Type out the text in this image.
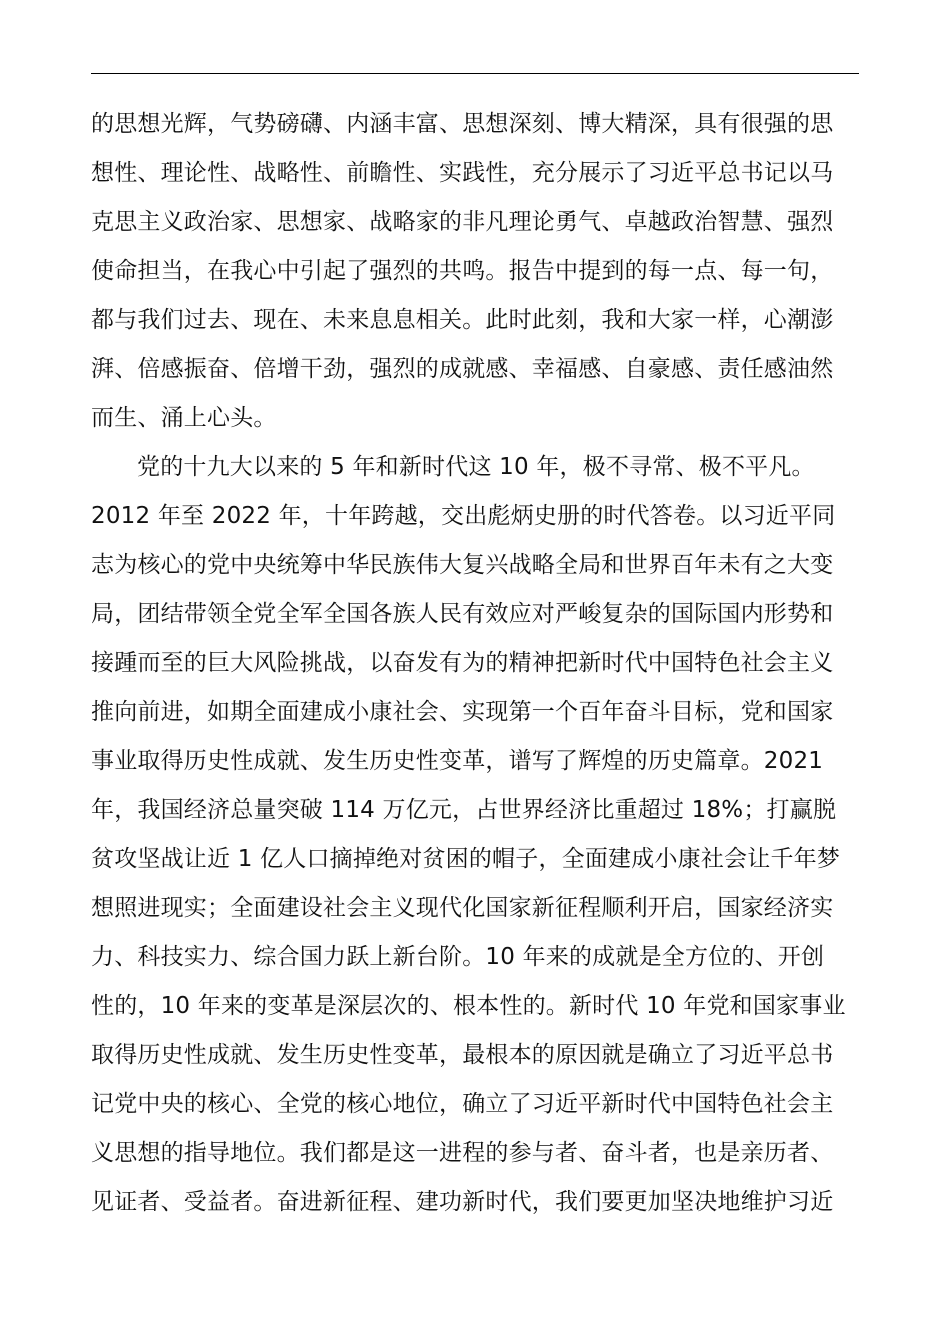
的思想光辉，气势磅礴、内涵丰富、思想深刻、博大精深，具有很强的思
想性、理论性、战略性、前瞻性、实践性，充分展示了习近平总书记以马
克思主义政治家、思想家、战略家的非凡理论勇气、卓越政治智慧、强烈
使命担当，在我心中引起了强烈的共鸣。报告中提到的每一点、每一句，
都与我们过去、现在、未来息息相关。此时此刻，我和大家一样，心潮澎
湃、倍感振奋、倍增干劲，强烈的成就感、幸福感、自豪感、责任感油然
而生、涌上心头。
党的十九大以来的 5 年和新时代这 10 年，极不寻常、极不平凡。
2012 年至 2022 年，十年跨越，交出彪炳史册的时代答卷。以习近平同
志为核心的党中央统筹中华民族伟大复兴战略全局和世界百年未有之大变
局，团结带领全党全军全国各族人民有效应对严峻复杂的国际国内形势和
接踵而至的巨大风险挑战，以奋发有为的精神把新时代中国特色社会主义
推向前进，如期全面建成小康社会、实现第一个百年奋斗目标，党和国家
事业取得历史性成就、发生历史性变革，谱写了辉煌的历史篇章。2021
年，我国经济总量突破 114 万亿元，占世界经济比重超过 18%；打赢脱
贫攻坚战让近 1 亿人口摘掉绝对贫困的帽子，全面建成小康社会让千年梦
想照进现实；全面建设社会主义现代化国家新征程顺利开启，国家经济实
力、科技实力、综合国力跃上新台阶。10 年来的成就是全方位的、开创
性的，10 年来的变革是深层次的、根本性的。新时代 10 年党和国家事业
取得历史性成就、发生历史性变革，最根本的原因就是确立了习近平总书
记党中央的核心、全党的核心地位，确立了习近平新时代中国特色社会主
义思想的指导地位。我们都是这一进程的参与者、奋斗者，也是亲历者、
见证者、受益者。奋进新征程、建功新时代，我们要更加坚决地维护习近
